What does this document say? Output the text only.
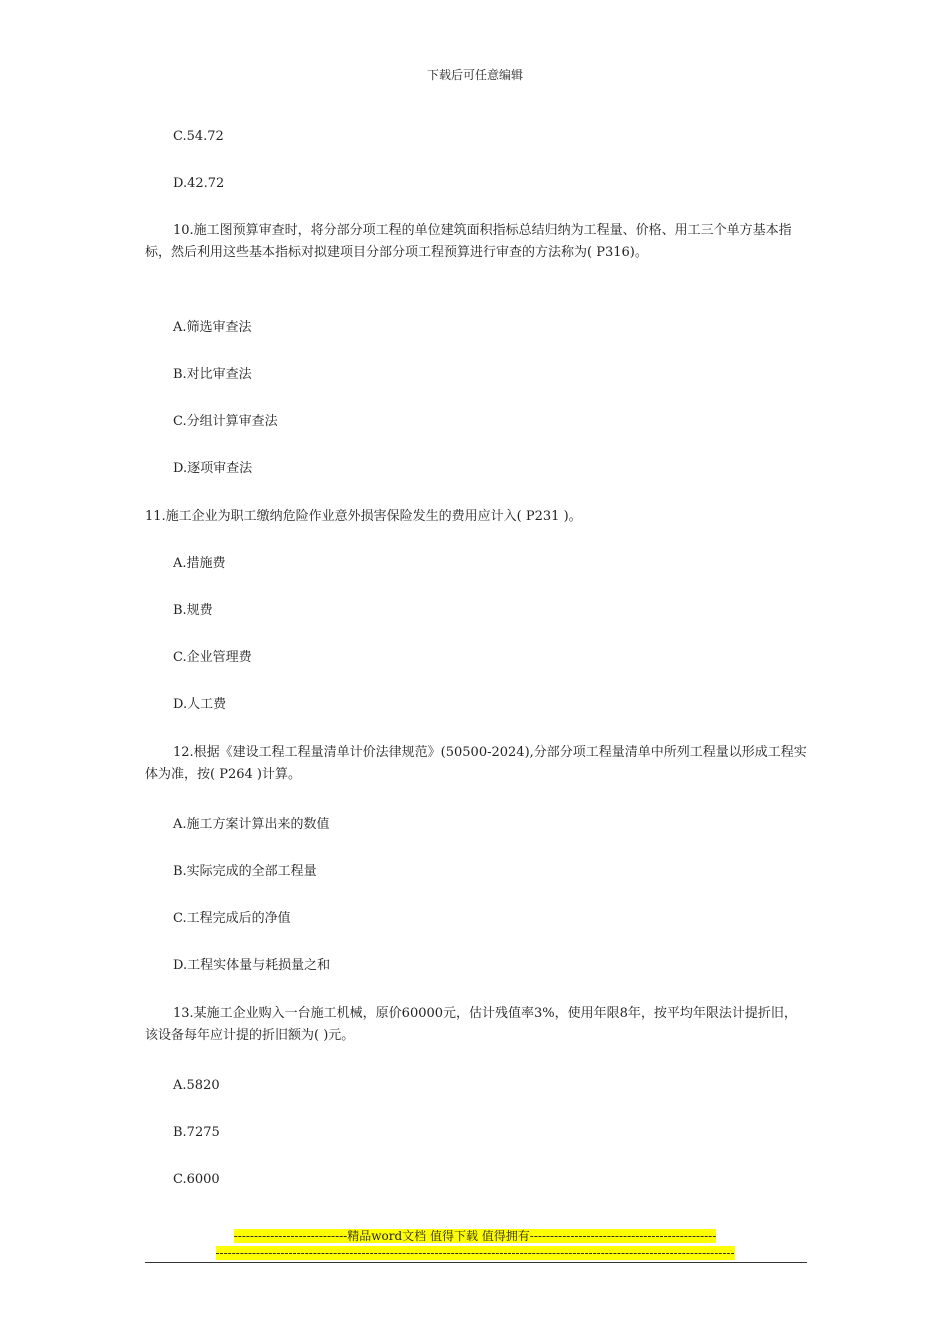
下载后可任意编辑
C.54.72
D.42.72
10.施工图预算审查时，将分部分项工程的单位建筑面积指标总结归纳为工程量、价格、用工三个单方基本指标，然后利用这些基本指标对拟建项目分部分项工程预算进行审查的方法称为( P316)。
A.筛选审查法
B.对比审查法
C.分组计算审查法
D.逐项审查法
11.施工企业为职工缴纳危险作业意外损害保险发生的费用应计入( P231 )。
A.措施费
B.规费
C.企业管理费
D.人工费
12.根据《建设工程工程量清单计价法律规范》(50500-2024),分部分项工程量清单中所列工程量以形成工程实体为准，按( P264 )计算。
A.施工方案计算出来的数值
B.实际完成的全部工程量
C.工程完成后的净值
D.工程实体量与耗损量之和
13.某施工企业购入一台施工机械，原价60000元，估计残值率3%，使用年限8年，按平均年限法计提折旧，该设备每年应计提的折旧额为( )元。
A.5820
B.7275
C.6000
----------------------------精品word文档 值得下载 值得拥有----------------------------------------------
--------------------------------------------------------------------------------------------------------------------------------
